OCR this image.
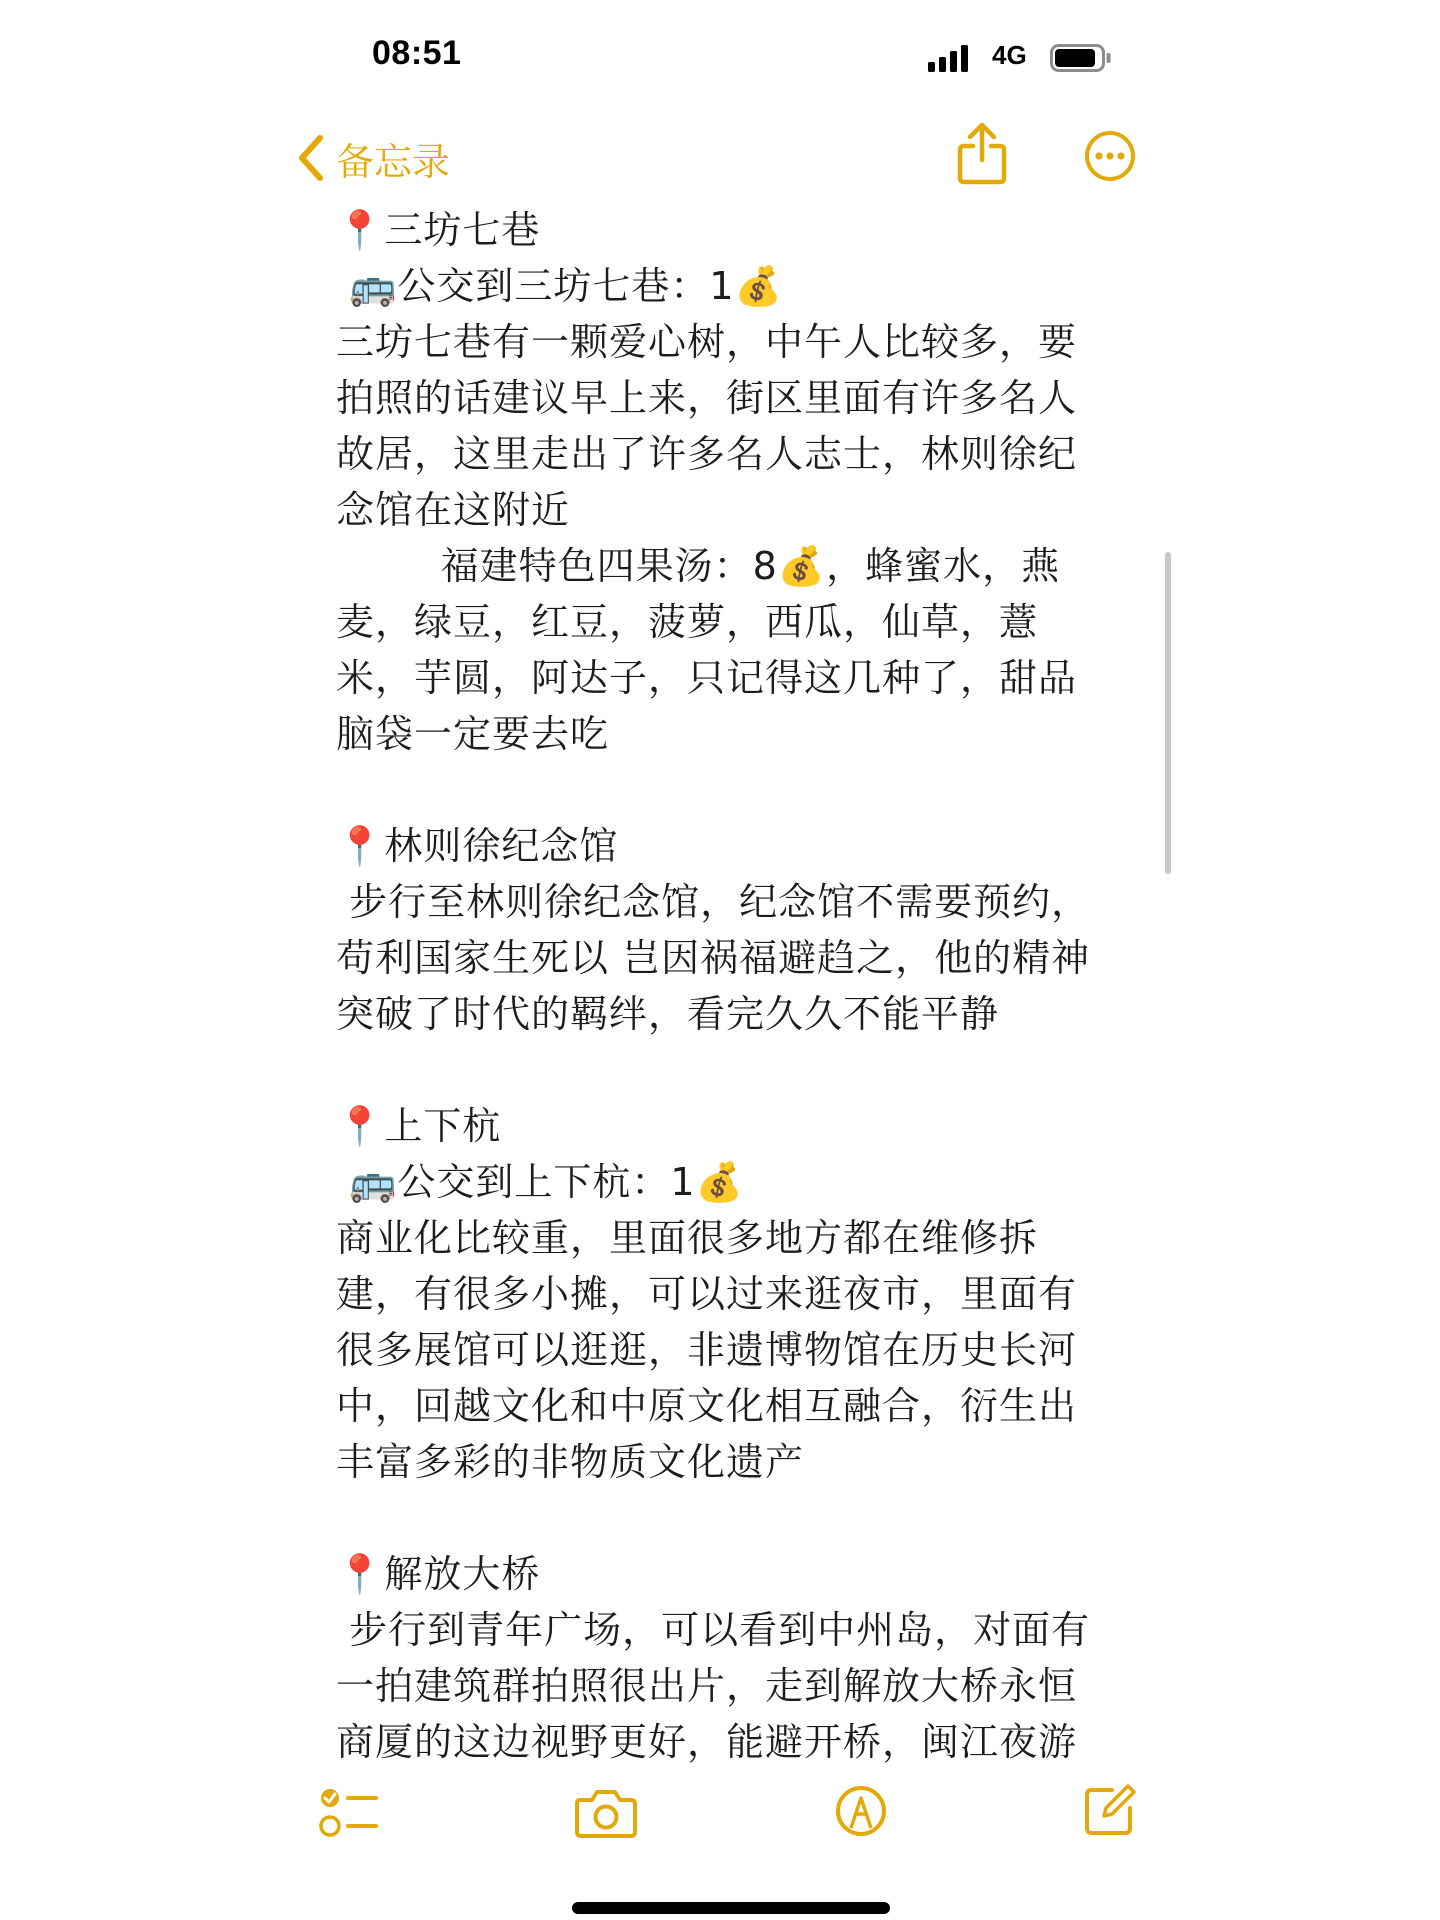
08:51	4G
备忘录
📍三坊七巷
🚌公交到三坊七巷：1💰
三坊七巷有一颗爱心树，中午人比较多，要
拍照的话建议早上来，街区里面有许多名人
故居，这里走出了许多名人志士，林则徐纪
念馆在这附近
福建特色四果汤：8💰，蜂蜜水，燕
麦，绿豆，红豆，菠萝，西瓜，仙草，薏
米，芋圆，阿达子，只记得这几种了，甜品
脑袋一定要去吃
📍林则徐纪念馆
步行至林则徐纪念馆，纪念馆不需要预约，
苟利国家生死以 岂因祸福避趋之，他的精神
突破了时代的羁绊，看完久久不能平静
📍上下杭
🚌公交到上下杭：1💰
商业化比较重，里面很多地方都在维修拆
建，有很多小摊，可以过来逛夜市，里面有
很多展馆可以逛逛，非遗博物馆在历史长河
中，回越文化和中原文化相互融合，衍生出
丰富多彩的非物质文化遗产
📍解放大桥
步行到青年广场，可以看到中州岛，对面有
一拍建筑群拍照很出片，走到解放大桥永恒
商厦的这边视野更好，能避开桥，闽江夜游
